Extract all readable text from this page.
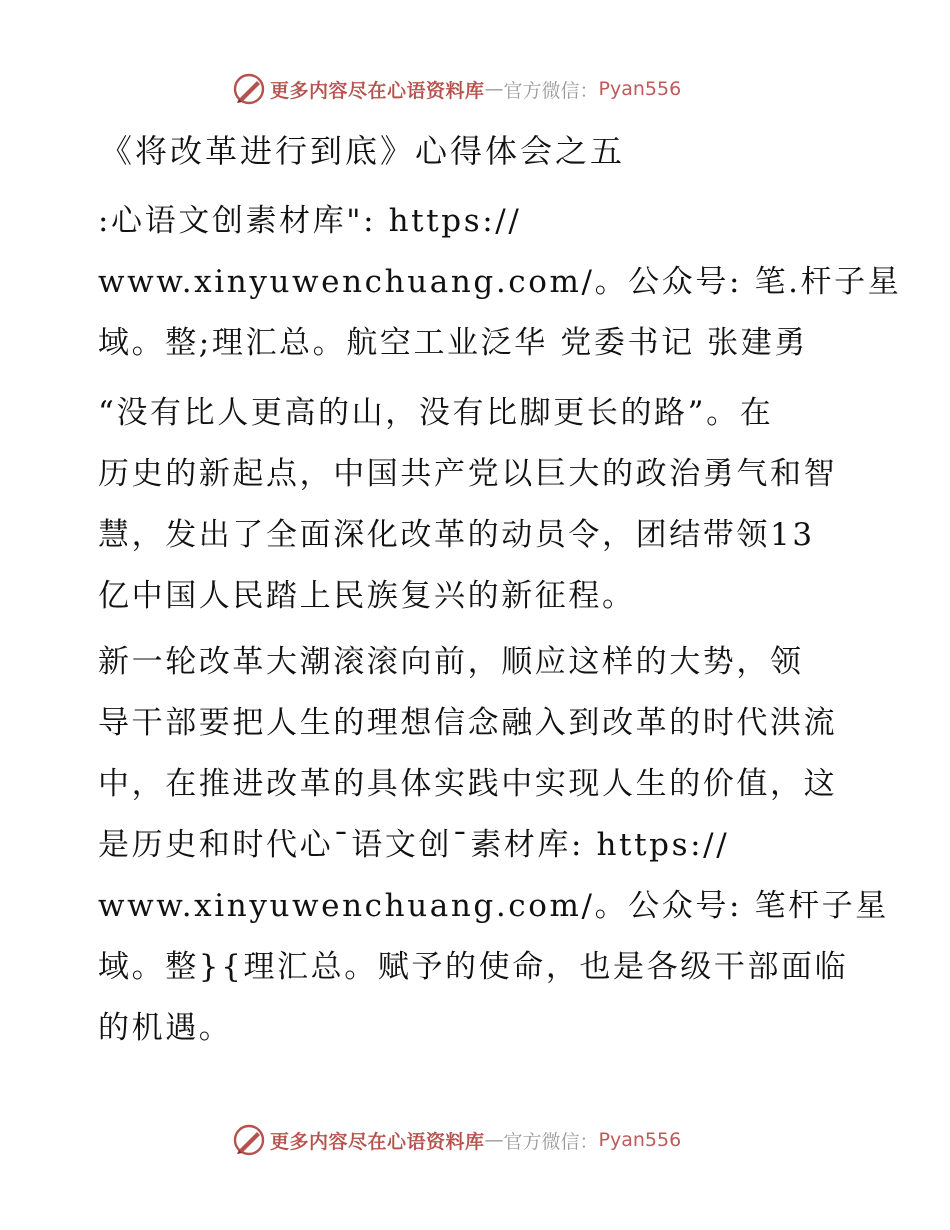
更多内容尽在心语资料库 — 官方微信： Pyan556
《将改革进行到底》心得体会之五

:心语文创素材库": https://
www.xinyuwenchuang.com/。公众号: 笔.杆子星
域。整;理汇总。航空工业泛华 党委书记 张建勇

“没有比人更高的山，没有比脚更长的路”。在
历史的新起点，中国共产党以巨大的政治勇气和智
慧，发出了全面深化改革的动员令，团结带领13
亿中国人民踏上民族复兴的新征程。

新一轮改革大潮滚滚向前，顺应这样的大势，领
导干部要把人生的理想信念融入到改革的时代洪流
中，在推进改革的具体实践中实现人生的价值，这
是历史和时代心¯语文创¯素材库: https://
www.xinyuwenchuang.com/。公众号: 笔杆子星
域。整}{理汇总。赋予的使命，也是各级干部面临
的机遇。

更多内容尽在心语资料库 — 官方微信： Pyan556
